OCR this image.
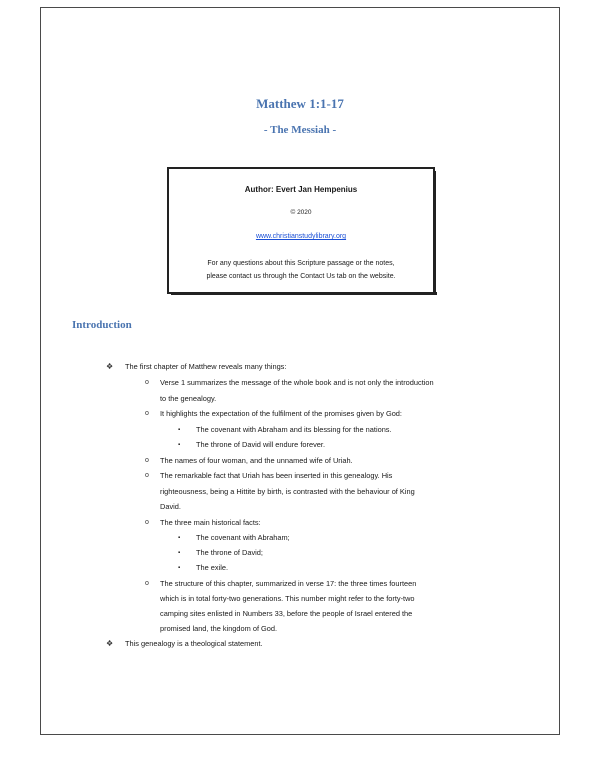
Matthew 1:1-17
- The Messiah -
Author: Evert Jan Hempenius
© 2020
www.christianstudylibrary.org
For any questions about this Scripture passage or the notes,
please contact us through the Contact Us tab on the website.
Introduction
❖ The first chapter of Matthew reveals many things:
o Verse 1 summarizes the message of the whole book and is not only the introduction
to the genealogy.
o It highlights the expectation of the fulfilment of the promises given by God:
▪ The covenant with Abraham and its blessing for the nations.
▪ The throne of David will endure forever.
o The names of four woman, and the unnamed wife of Uriah.
o The remarkable fact that Uriah has been inserted in this genealogy. His
righteousness, being a Hittite by birth, is contrasted with the behaviour of King
David.
o The three main historical facts:
▪ The covenant with Abraham;
▪ The throne of David;
▪ The exile.
o The structure of this chapter, summarized in verse 17: the three times fourteen
which is in total forty-two generations. This number might refer to the forty-two
camping sites enlisted in Numbers 33, before the people of Israel entered the
promised land, the kingdom of God.
❖ This genealogy is a theological statement.
